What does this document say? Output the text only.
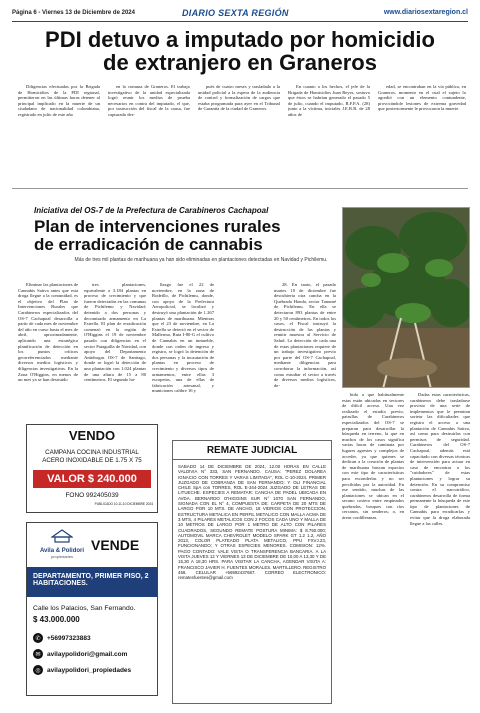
Página 6 - Viernes 13 de Diciembre de 2024	DIARIO SEXTA REGIÓN	www.diariosextaregion.cl
PDI detuvo a imputado por homicidio
de extranjero en Graneros

Diligencias efectuadas por la Brigada de Homicidios de la PDI regional, permitieron en las últimas horas detener al principal implicado en la muerte de un ciudadano de nacionalidad colombiana, registrado en julio de este año

en la comuna de Graneros. El trabajo investigativo de la unidad especializada logró reunir los medios de prueba necesarios en contra del imputado, el que, por instrucción del fiscal de la causa, fue capturado des-

pués de cuatro meses y trasladado a la unidad policial a la espera de la audiencia de control y formalización de cargos que estaba programada para ayer en el Tribunal de Garantía de la ciudad de Graneros.

En cuanto a los hechos, el jefe de la Brigada de Homicidios Juan Reyes, sostuvo que éstos se habrían generado el pasado 5 de julio, cuando el imputado, R.F.P.A. (28) junto a la víctima, iniciales J.E.R.R. de 28 años de

edad, se encontraban en la vía pública, en Graneros, momento en el cual el sujeto lo agredió con un elemento contundente, provocándole lesiones de extrema gravedad que posteriormente le provocaron la muerte.

Iniciativa del OS-7 de la Prefectura de Carabineros Cachapoal
Plan de intervenciones rurales
de erradicación de cannabis
Más de tres mil plantas de marihuana ya han sido eliminadas en plantaciones detectadas en Navidad y Pichilemu.

Eliminar las plantaciones de Cannabis Sativa antes que esta droga llegue a la comunidad, es el objetivo del Plan de Intervenciones Rurales que Carabineros especializados del OS-7 Cachapoal desarrolla a partir de cada mes de noviembre del año en curso hasta el mes de abril, aproximadamente, aplicando una estratégica planificación de detección en los puntos críticos georreferenciados mediante diversos medios logísticos y diligencias investigativas. En la Zona O'Higgins, en menos de un mes ya se han destruido

tres plantaciones, equivalente a 3.184 plantas en proceso de crecimiento y que fueron detectadas en las comunas de Pichilemu y Navidad; detenido a dos personas y decomisado armamento en La Estrella. El plan de erradicación comenzó en la región de O'Higgins el 19 de noviembre pasado con diligencias en el sector Pataguilla de Navidad, con apoyo del Departamento Antidrogas OS-7 de Santiago, donde se logró la detección de una plantación con 1.024 plantas de una altura de 15 a 80 centímetros. El segundo ha-

llazgo fue el 22 de noviembre, en la zona de Rodeillo, de Pichilemu, donde, con apoyo de la Prefectura Aeropolicial, se localizó y destruyó una plantación de 1.267 plantas de marihuana. Mientras que el 23 de noviembre, en La Estrella se detectó en el sector de Mallermo, Ruta I-80-G el cultivo de Cannabis en un inmueble, donde con orden de ingreso y registro, se logró la detención de dos personas y la incautación de plantas en proceso de crecimiento y diversos tipos de armamentos, entre ellas 3 escopetas, una de ellas de fabricación artesanal, y municiones calibre 16 y

28. En tanto, el pasado martes 10 de diciembre fue descubierta otra cancha en la Quebrada Honda, sector Tanumé de Pichilemu. En ella se detectaron 893 plantas de entre 20 y 50 centímetros. En todos los casos, el Fiscal instruyó la destrucción de las plantas y remitir muestra al Servicio de Salud. La detección de cada una de estas plantaciones requiere de un trabajo investigativo previo por parte del OS-7 Cachapoal, mediante diligencias para corroborar la información, así como estudiar el sector a través de diversos medios logísticos, de-

bido a que habitualmente estas están ubicadas en sectores de difícil acceso. Una vez realizado el estudio previo, patrullas de Carabineros especializados del OS-7 se preparan para desarrollar la búsqueda en terreno, la que en muchos de los casos significa varias horas de caminata por lugares agrestes y complejos de acceder, ya que quienes se dedican a la creación de plantas de marihuana buscan espacios con este tipo de características para esconderlas y no ser percibidas por la autoridad. En ese sentido, muchas de las plantaciones se ubican en el secano costero entre empinados quebradas, bosques con ríos cercanos, sin senderos; o, en áreas cordilleranas.

Dadas estas características, carabineros debe trasladarse provisto de una serie de implementos que le permitan sortear las dificultades que registra el acceso a una plantación de Cannabis Sativa, así como para destruirlas con permisos de seguridad. Carabineros del OS-7 Cachapoal, además está capacitado con diversas técnicas de intervención para actuar en caso de encontrar a los "cuidadores" de estas plantaciones y lograr su detención. En su compromiso contra el narcotráfico, carabineros desarrolla de forma permanente la búsqueda de este tipo de plantaciones de Cannabis para erradicarlas y evitar que la droga elaborada llegue a las calles.

VENDO
CAMPANA COCINA INDUSTRIAL
ACERO INOXIDABLE DE 1.75 X 75
VALOR $ 240.000
FONO 992405039
PUBLICADO 10-11-10 DICIEMBRE 2024
Avila & Polidori
propiedades
VENDE
DEPARTAMENTO, PRIMER PISO, 2 HABITACIONES.
Calle los Palacios, San Fernando.
$ 43.000.000
✆ +56997323883
✉ avilaypolidori@gmail.com
◎ avilaypolidori_propiedades
REMATE JUDICIAL
SABADO 14 DE DICIEMBRE DE 2024, 12.00 HORAS EN CALLE VALDIVIA N° 333, SAN FERNANDO. CAUSA: "PEREZ DOLAREA IGNACIO CON TORRES Y VARAS LIMITADA", ROL C-10-2024. PRIMER JUZGADO DE COBRANZA DE SAN FERNANDO; Y OLI FINANCIAL CHILE SpA con TORRES, ROL E-344-2024 JUZGADO DE LETRAS DE LITUECHE. ESPECIES A REMATAR: CANCHA DE PADEL UBICADA EN AVDA. BERNARDO O'HIGGINS SUR N° 1070 SAN FERNANDO, SIGNADA CON EL N° 4, COMPUESTA DE: CARPETA DE 20 MTS DE LARGO POR 10 MTS. DE ANCHO, 18 VIDRIOS CON PROTECCION, ESTRUCTURA METALICA EN PERFIL METALICO CON MALLA ACMA DE 3 MTS, 4 PILARES METALICOS CON 2 FOCOS CADA UNO Y MALLA DE 10 METROS DE LARGO POR 1 METRO DE ALTO CON PILARES CUADRADOS, SEGUNDO REMATE POSTURA MINIMA: $ 8.750.000; AUTOMOVIL MARCA CHEVROLET MODELO SPARK GT 1.2 1.2, AÑO 2013, COLOR PLATEADO PLATA METALICO, PPU FXVJ.23, FUNCIONANDO; Y OTRAS ESPECIES MENORES. COMISION: 12%. PAGO CONTADO: VALE VISTA O TRANSFERENCIA BANCARIA. A LA VISTA JUEVES 12 Y VIERNES 13 DE DICIEMBRE DE 10,00 A 13,30 Y DE 15,30 A 18,30 HRS. PARA VISITAR LA CANCHA, AGENDAR VISITA A: FRANCISCO JAVIER H. FUENTES MORALES. MARTILLERO. REGISTRO 456. CELULAR +56992437687. CORREO ELECTRONICO: rematesfuentes@gmail.com
